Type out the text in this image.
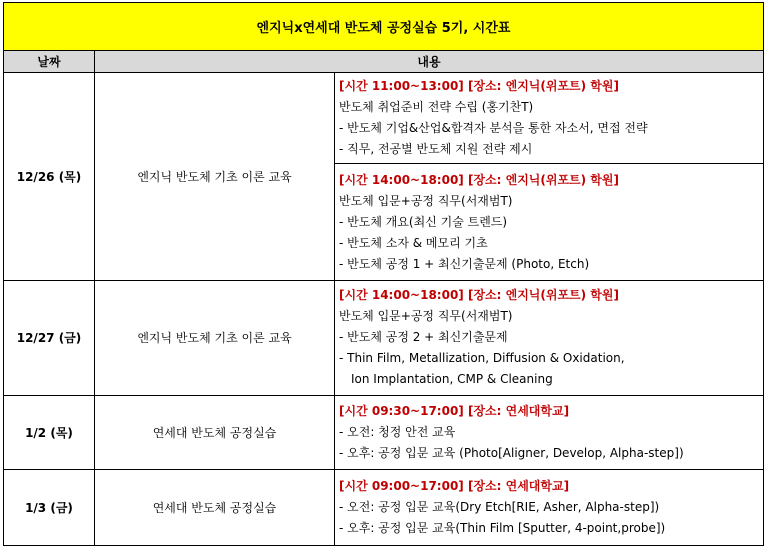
엔지닉x연세대 반도체 공정실습 5기, 시간표		
날짜	내용	
12/26 (목)	엔지닉 반도체 기초 이론 교육	[시간 11:00~13:00] [장소: 엔지닉(위포트) 학원]
반도체 취업준비 전략 수립 (홍기찬T)
- 반도체 기업&산업&합격자 분석을 통한 자소서, 면접 전략
- 직무, 전공별 반도체 지원 전략 제시

		[시간 14:00~18:00] [장소: 엔지닉(위포트) 학원]
반도체 입문+공정 직무(서재범T)
- 반도체 개요(최신 기술 트렌드)
- 반도체 소자 & 메모리 기초
- 반도체 공정 1 + 최신기출문제 (Photo, Etch)

12/27 (금)	엔지닉 반도체 기초 이론 교육	[시간 14:00~18:00] [장소: 엔지닉(위포트) 학원]
반도체 입문+공정 직무(서재범T)
- 반도체 공정 2 + 최신기출문제
- Thin Film, Metallization, Diffusion & Oxidation,
Ion Implantation, CMP & Cleaning

1/2 (목)	연세대 반도체 공정실습	[시간 09:30~17:00] [장소: 연세대학교]
- 오전: 청정 안전 교육
- 오후: 공정 입문 교육 (Photo[Aligner, Develop, Alpha-step])

1/3 (금)	연세대 반도체 공정실습	[시간 09:00~17:00] [장소: 연세대학교]
- 오전: 공정 입문 교육(Dry Etch[RIE, Asher, Alpha-step])
- 오후: 공정 입문 교육(Thin Film [Sputter, 4-point,probe])
